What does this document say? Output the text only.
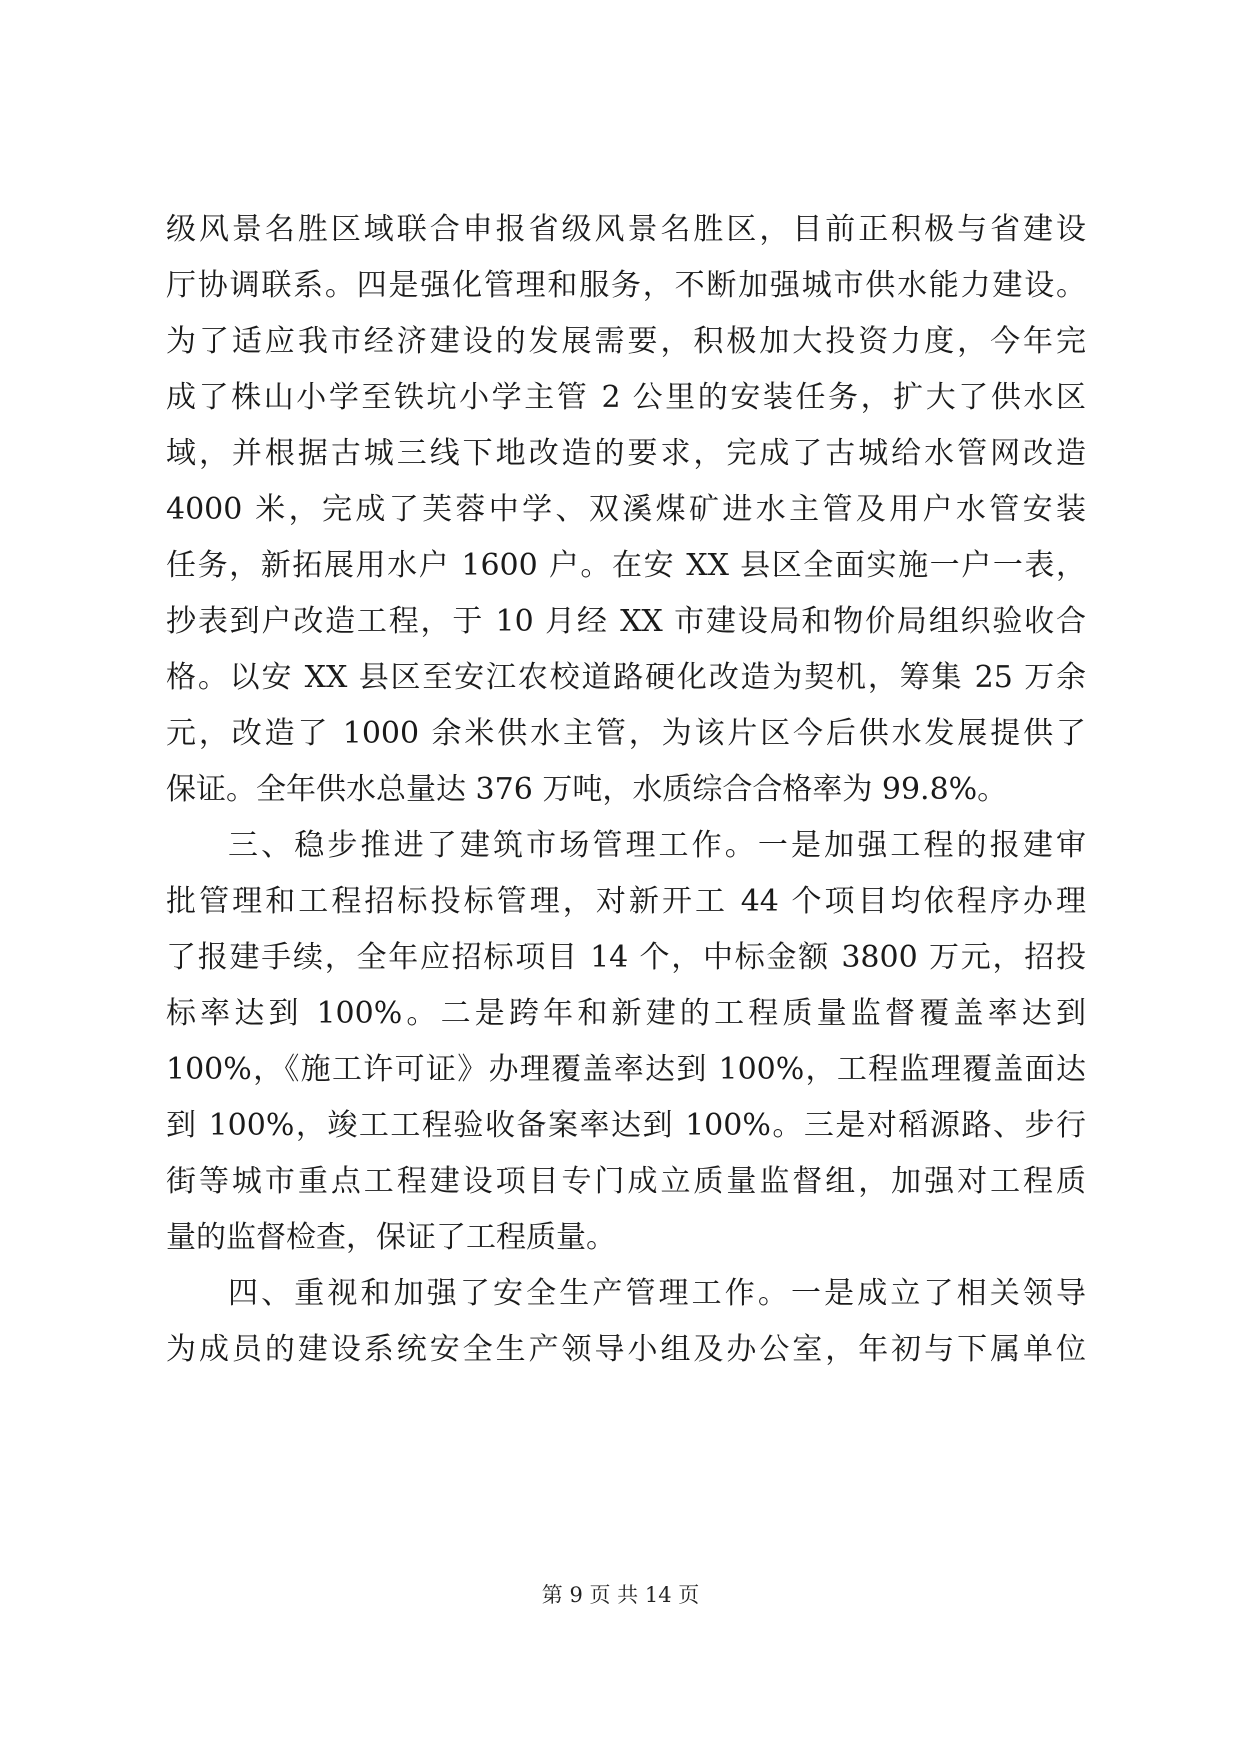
级风景名胜区域联合申报省级风景名胜区，目前正积极与省建设
厅协调联系。四是强化管理和服务，不断加强城市供水能力建设。
为了适应我市经济建设的发展需要，积极加大投资力度，今年完
成了株山小学至铁坑小学主管 2 公里的安装任务，扩大了供水区
域，并根据古城三线下地改造的要求，完成了古城给水管网改造
4000 米，完成了芙蓉中学、双溪煤矿进水主管及用户水管安装
任务，新拓展用水户 1600 户。在安 XX 县区全面实施一户一表，
抄表到户改造工程，于 10 月经 XX 市建设局和物价局组织验收合
格。以安 XX 县区至安江农校道路硬化改造为契机，筹集 25 万余
元，改造了 1000 余米供水主管，为该片区今后供水发展提供了
保证。全年供水总量达 376 万吨，水质综合合格率为 99.8%。
三、稳步推进了建筑市场管理工作。一是加强工程的报建审
批管理和工程招标投标管理，对新开工 44 个项目均依程序办理
了报建手续，全年应招标项目 14 个，中标金额 3800 万元，招投
标率达到 100%。二是跨年和新建的工程质量监督覆盖率达到
100%，《施工许可证》办理覆盖率达到 100%，工程监理覆盖面达
到 100%，竣工工程验收备案率达到 100%。三是对稻源路、步行
街等城市重点工程建设项目专门成立质量监督组，加强对工程质
量的监督检查，保证了工程质量。
四、重视和加强了安全生产管理工作。一是成立了相关领导
为成员的建设系统安全生产领导小组及办公室，年初与下属单位
第 9 页 共 14 页
